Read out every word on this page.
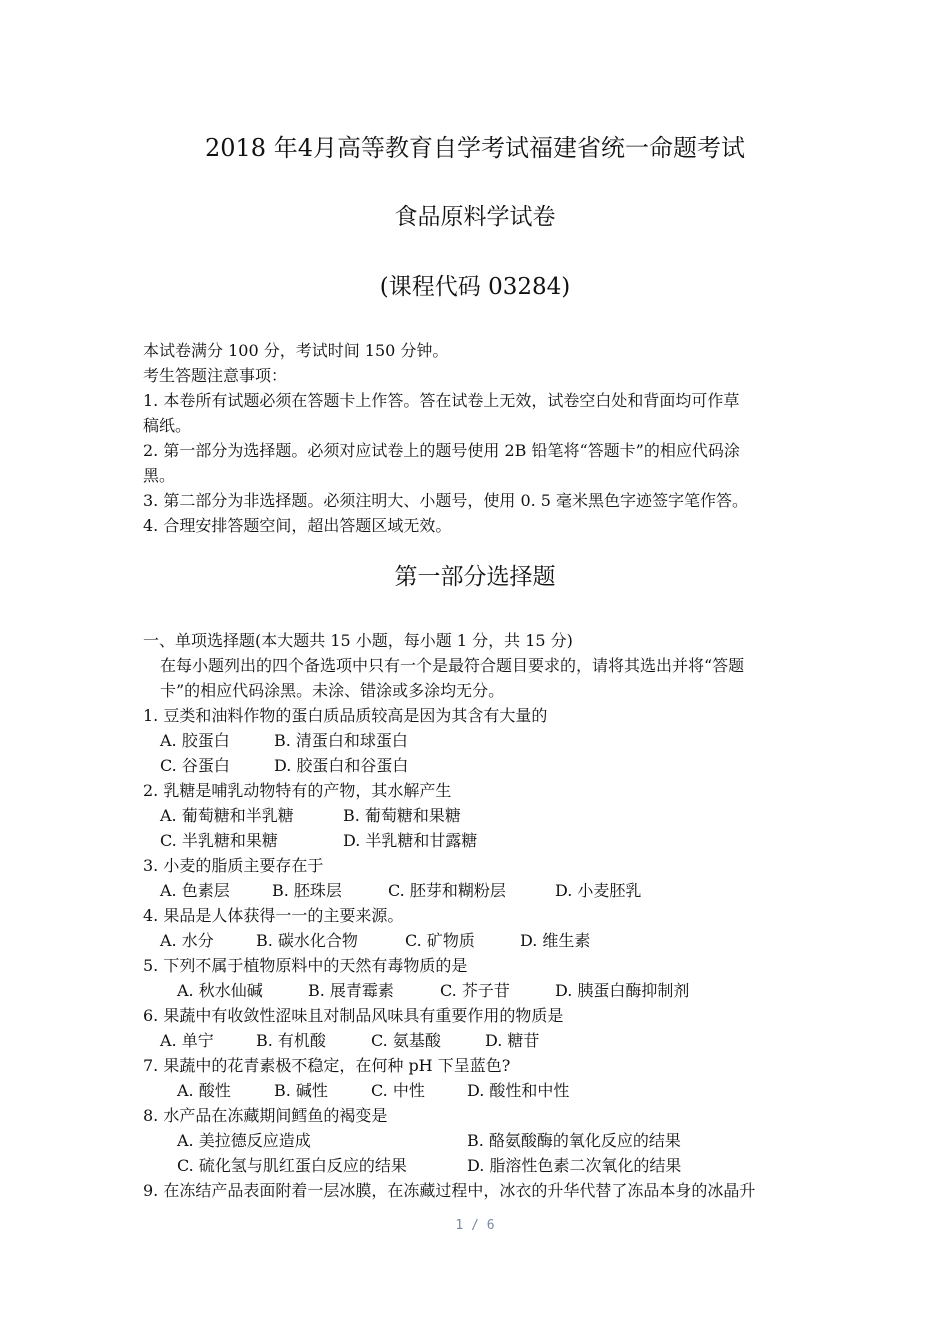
2018 年4月高等教育自学考试福建省统一命题考试
食品原料学试卷
(课程代码 03284)
本试卷满分 100 分，考试时间 150 分钟。
考生答题注意事项：
1. 本卷所有试题必须在答题卡上作答。答在试卷上无效，试卷空白处和背面均可作草
稿纸。
2. 第一部分为选择题。必须对应试卷上的题号使用 2B 铅笔将“答题卡”的相应代码涂
黑。
3. 第二部分为非选择题。必须注明大、小题号，使用 0. 5 毫米黑色字迹签字笔作答。
4. 合理安排答题空间，超出答题区域无效。
第一部分选择题
一、单项选择题(本大题共 15 小题，每小题 1 分，共 15 分)
在每小题列出的四个备选项中只有一个是最符合题目要求的，请将其选出并将“答题
卡”的相应代码涂黑。未涂、错涂或多涂均无分。
1. 豆类和油料作物的蛋白质品质较高是因为其含有大量的
A. 胶蛋白	B. 清蛋白和球蛋白
C. 谷蛋白	D. 胶蛋白和谷蛋白
2. 乳糖是哺乳动物特有的产物，其水解产生
A. 葡萄糖和半乳糖	B. 葡萄糖和果糖
C. 半乳糖和果糖	D. 半乳糖和甘露糖
3. 小麦的脂质主要存在于
A. 色素层	B. 胚珠层	C. 胚芽和糊粉层	D. 小麦胚乳
4. 果品是人体获得一一的主要来源。
A. 水分	B. 碳水化合物	C. 矿物质	D. 维生素
5. 下列不属于植物原料中的天然有毒物质的是
A. 秋水仙碱	B. 展青霉素	C. 芥子苷	D. 胰蛋白酶抑制剂
6. 果蔬中有收敛性涩味且对制品风味具有重要作用的物质是
A. 单宁	B. 有机酸	C. 氨基酸	D. 糖苷
7. 果蔬中的花青素极不稳定，在何种 pH 下呈蓝色?
A. 酸性	B. 碱性	C. 中性	D. 酸性和中性
8. 水产品在冻藏期间鳕鱼的褐变是
A. 美拉德反应造成	B. 酪氨酸酶的氧化反应的结果
C. 硫化氢与肌红蛋白反应的结果	D. 脂溶性色素二次氧化的结果
9. 在冻结产品表面附着一层冰膜，在冻藏过程中，冰衣的升华代替了冻品本身的冰晶升
1 / 6
